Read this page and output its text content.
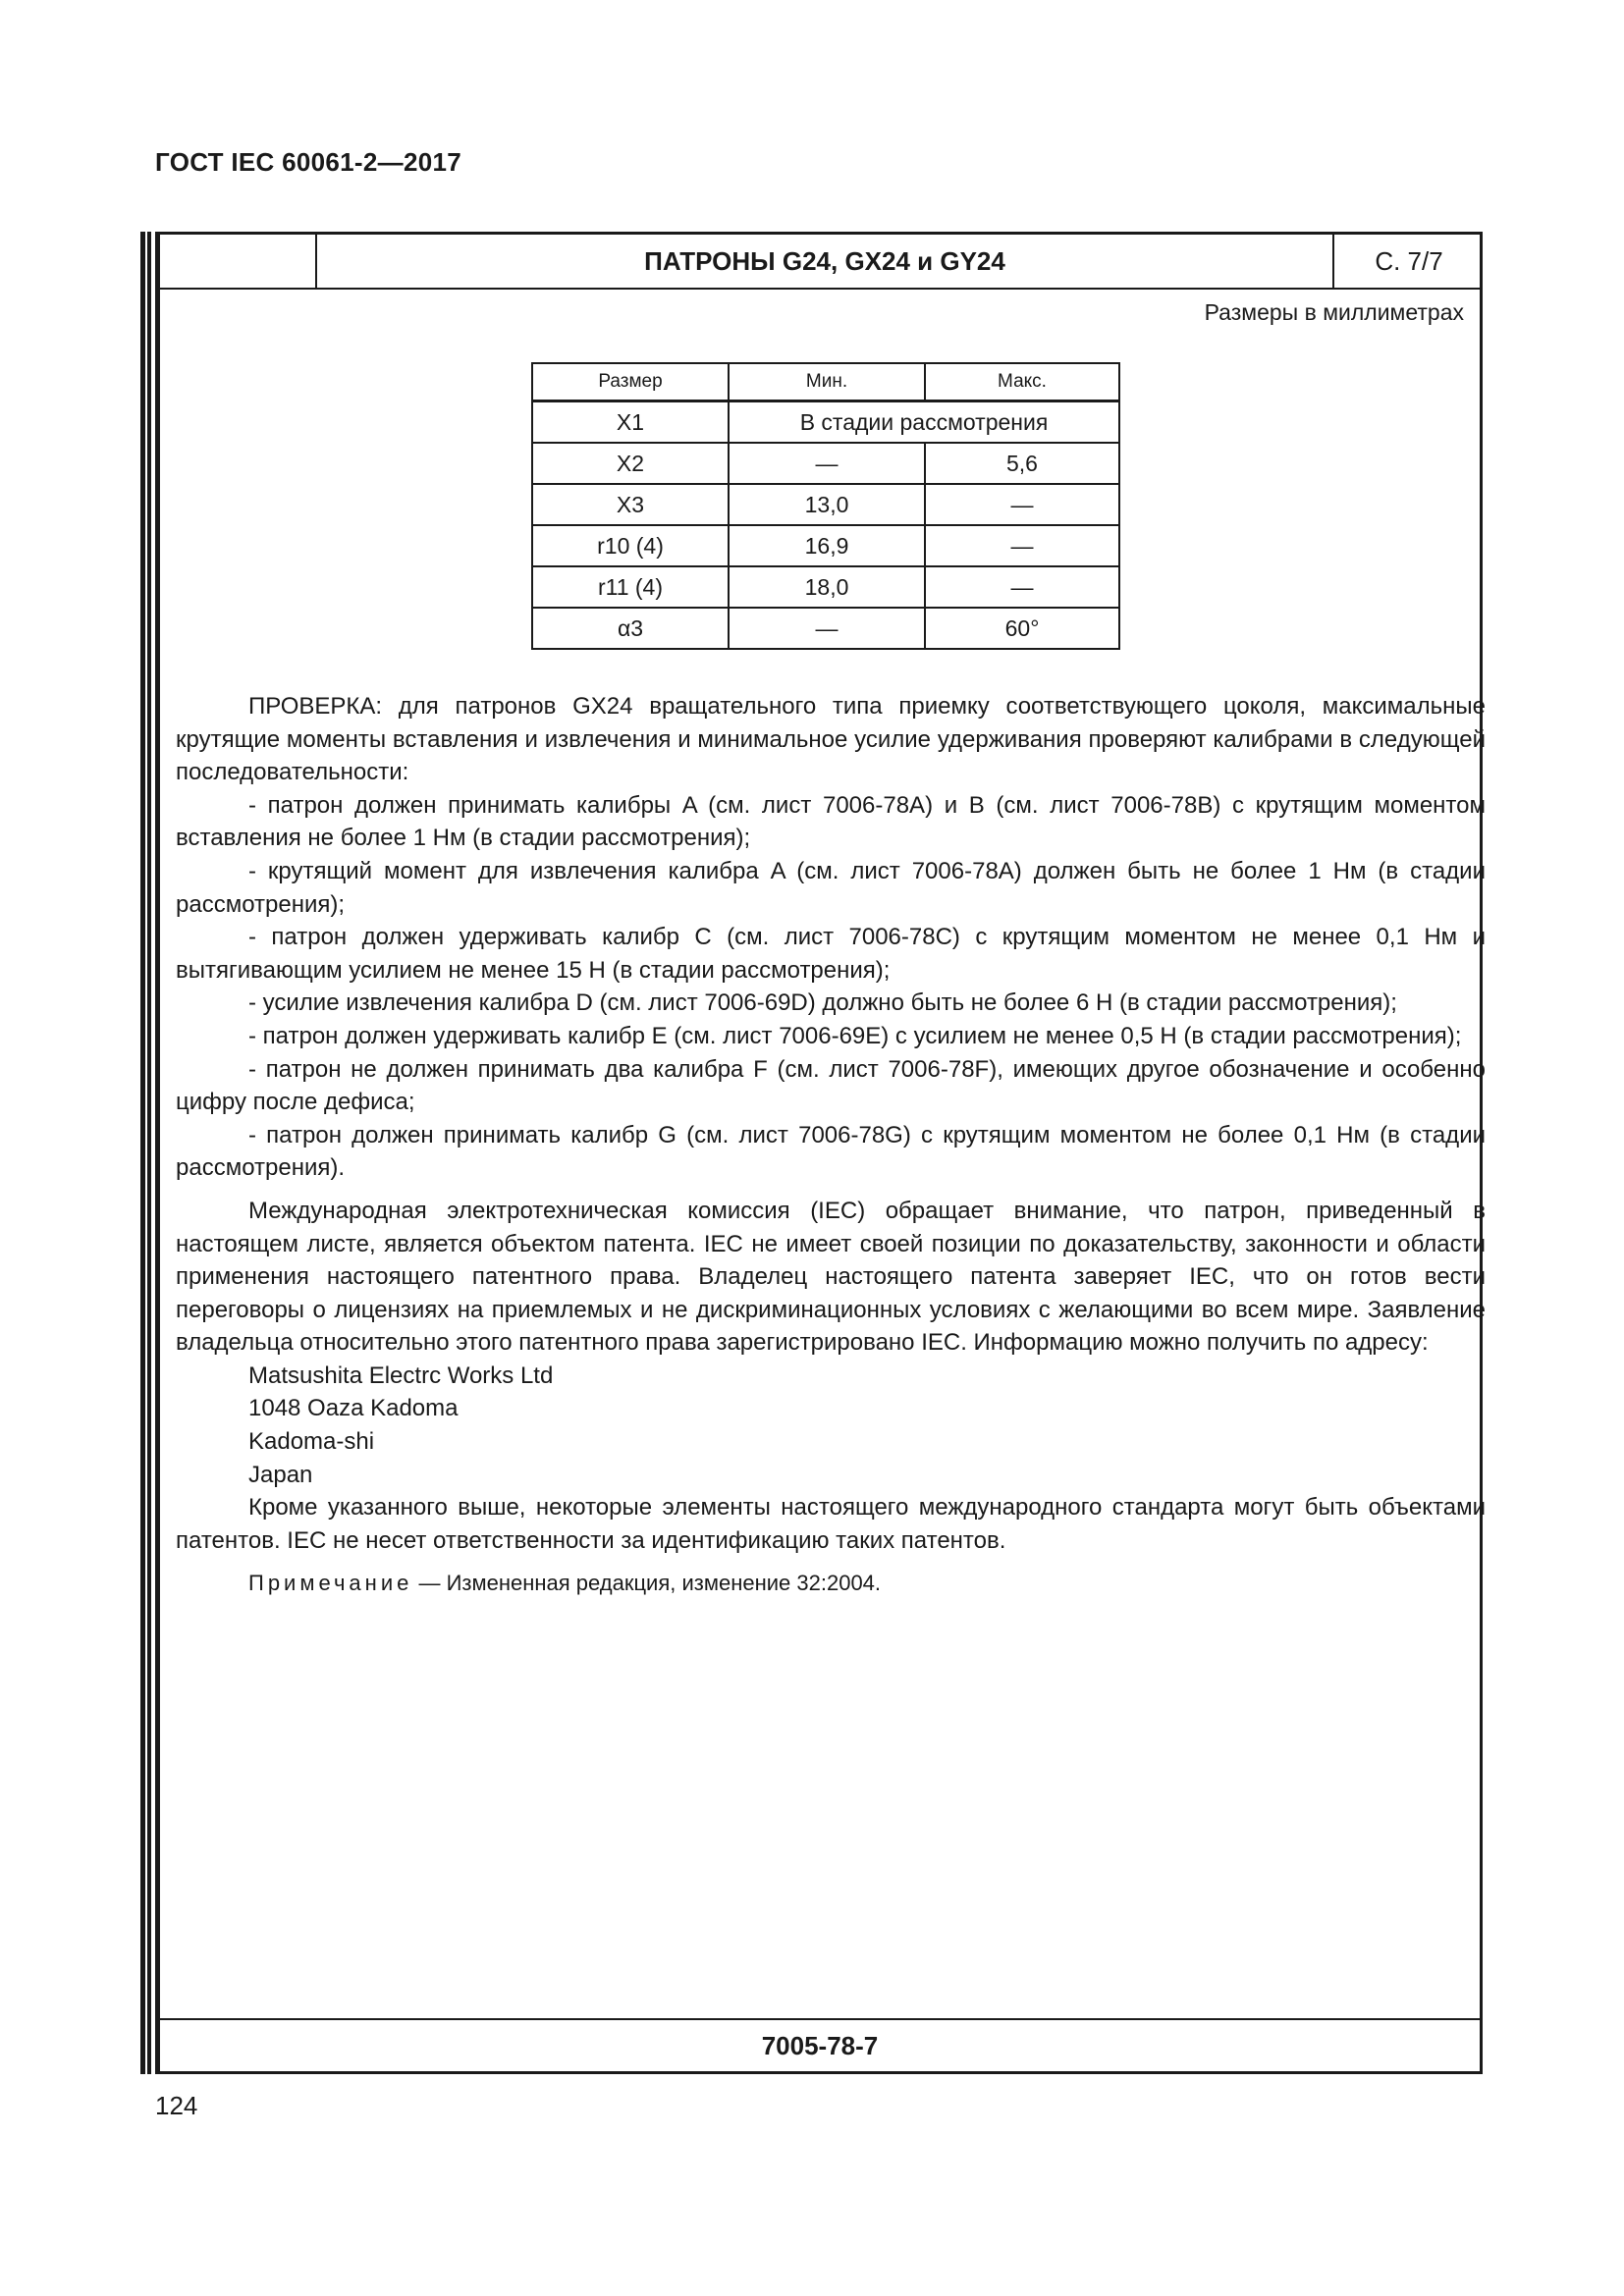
ГОСТ IEC 60061-2—2017
ПАТРОНЫ G24, GX24 и GY24	С. 7/7
Размеры в миллиметрах
Размер	Мин.	Макс.
X1	В стадии рассмотрения	
X2	—	5,6
X3	13,0	—
r10 (4)	16,9	—
r11 (4)	18,0	—
α3	—	60°

ПРОВЕРКА: для патронов GX24 вращательного типа приемку соответствующего цоколя, максимальные крутящие моменты вставления и извлечения и минимальное усилие удерживания проверяют калибрами в следующей последовательности:

- патрон должен принимать калибры A (см. лист 7006-78A) и B (см. лист 7006-78B) с крутящим моментом вставления не более 1 Нм (в стадии рассмотрения);

- крутящий момент для извлечения калибра A (см. лист 7006-78A) должен быть не более 1 Нм (в стадии рассмотрения);

- патрон должен удерживать калибр C (см. лист 7006-78C) с крутящим моментом не менее 0,1 Нм и вытягивающим усилием не менее 15 Н (в стадии рассмотрения);

- усилие извлечения калибра D (см. лист 7006-69D) должно быть не более 6 Н (в стадии рассмотрения);

- патрон должен удерживать калибр E (см. лист 7006-69E) с усилием не менее 0,5 Н (в стадии рассмотрения);

- патрон не должен принимать два калибра F (см. лист 7006-78F), имеющих другое обозначение и особенно цифру после дефиса;

- патрон должен принимать калибр G (см. лист 7006-78G) с крутящим моментом не более 0,1 Нм (в стадии рассмотрения).

Международная электротехническая комиссия (IEC) обращает внимание, что патрон, приведенный в настоящем листе, является объектом патента. IEC не имеет своей позиции по доказательству, законности и области применения настоящего патентного права. Владелец настоящего патента заверяет IEC, что он готов вести переговоры о лицензиях на приемлемых и не дискриминационных условиях с желающими во всем мире. Заявление владельца относительно этого патентного права зарегистрировано IEC. Информацию можно получить по адресу:

Matsushita Electrc Works Ltd

1048 Oaza Kadoma

Kadoma-shi

Japan

Кроме указанного выше, некоторые элементы настоящего международного стандарта могут быть объектами патентов. IEC не несет ответственности за идентификацию таких патентов.

Примечание — Измененная редакция, изменение 32:2004.

7005-78-7
124
